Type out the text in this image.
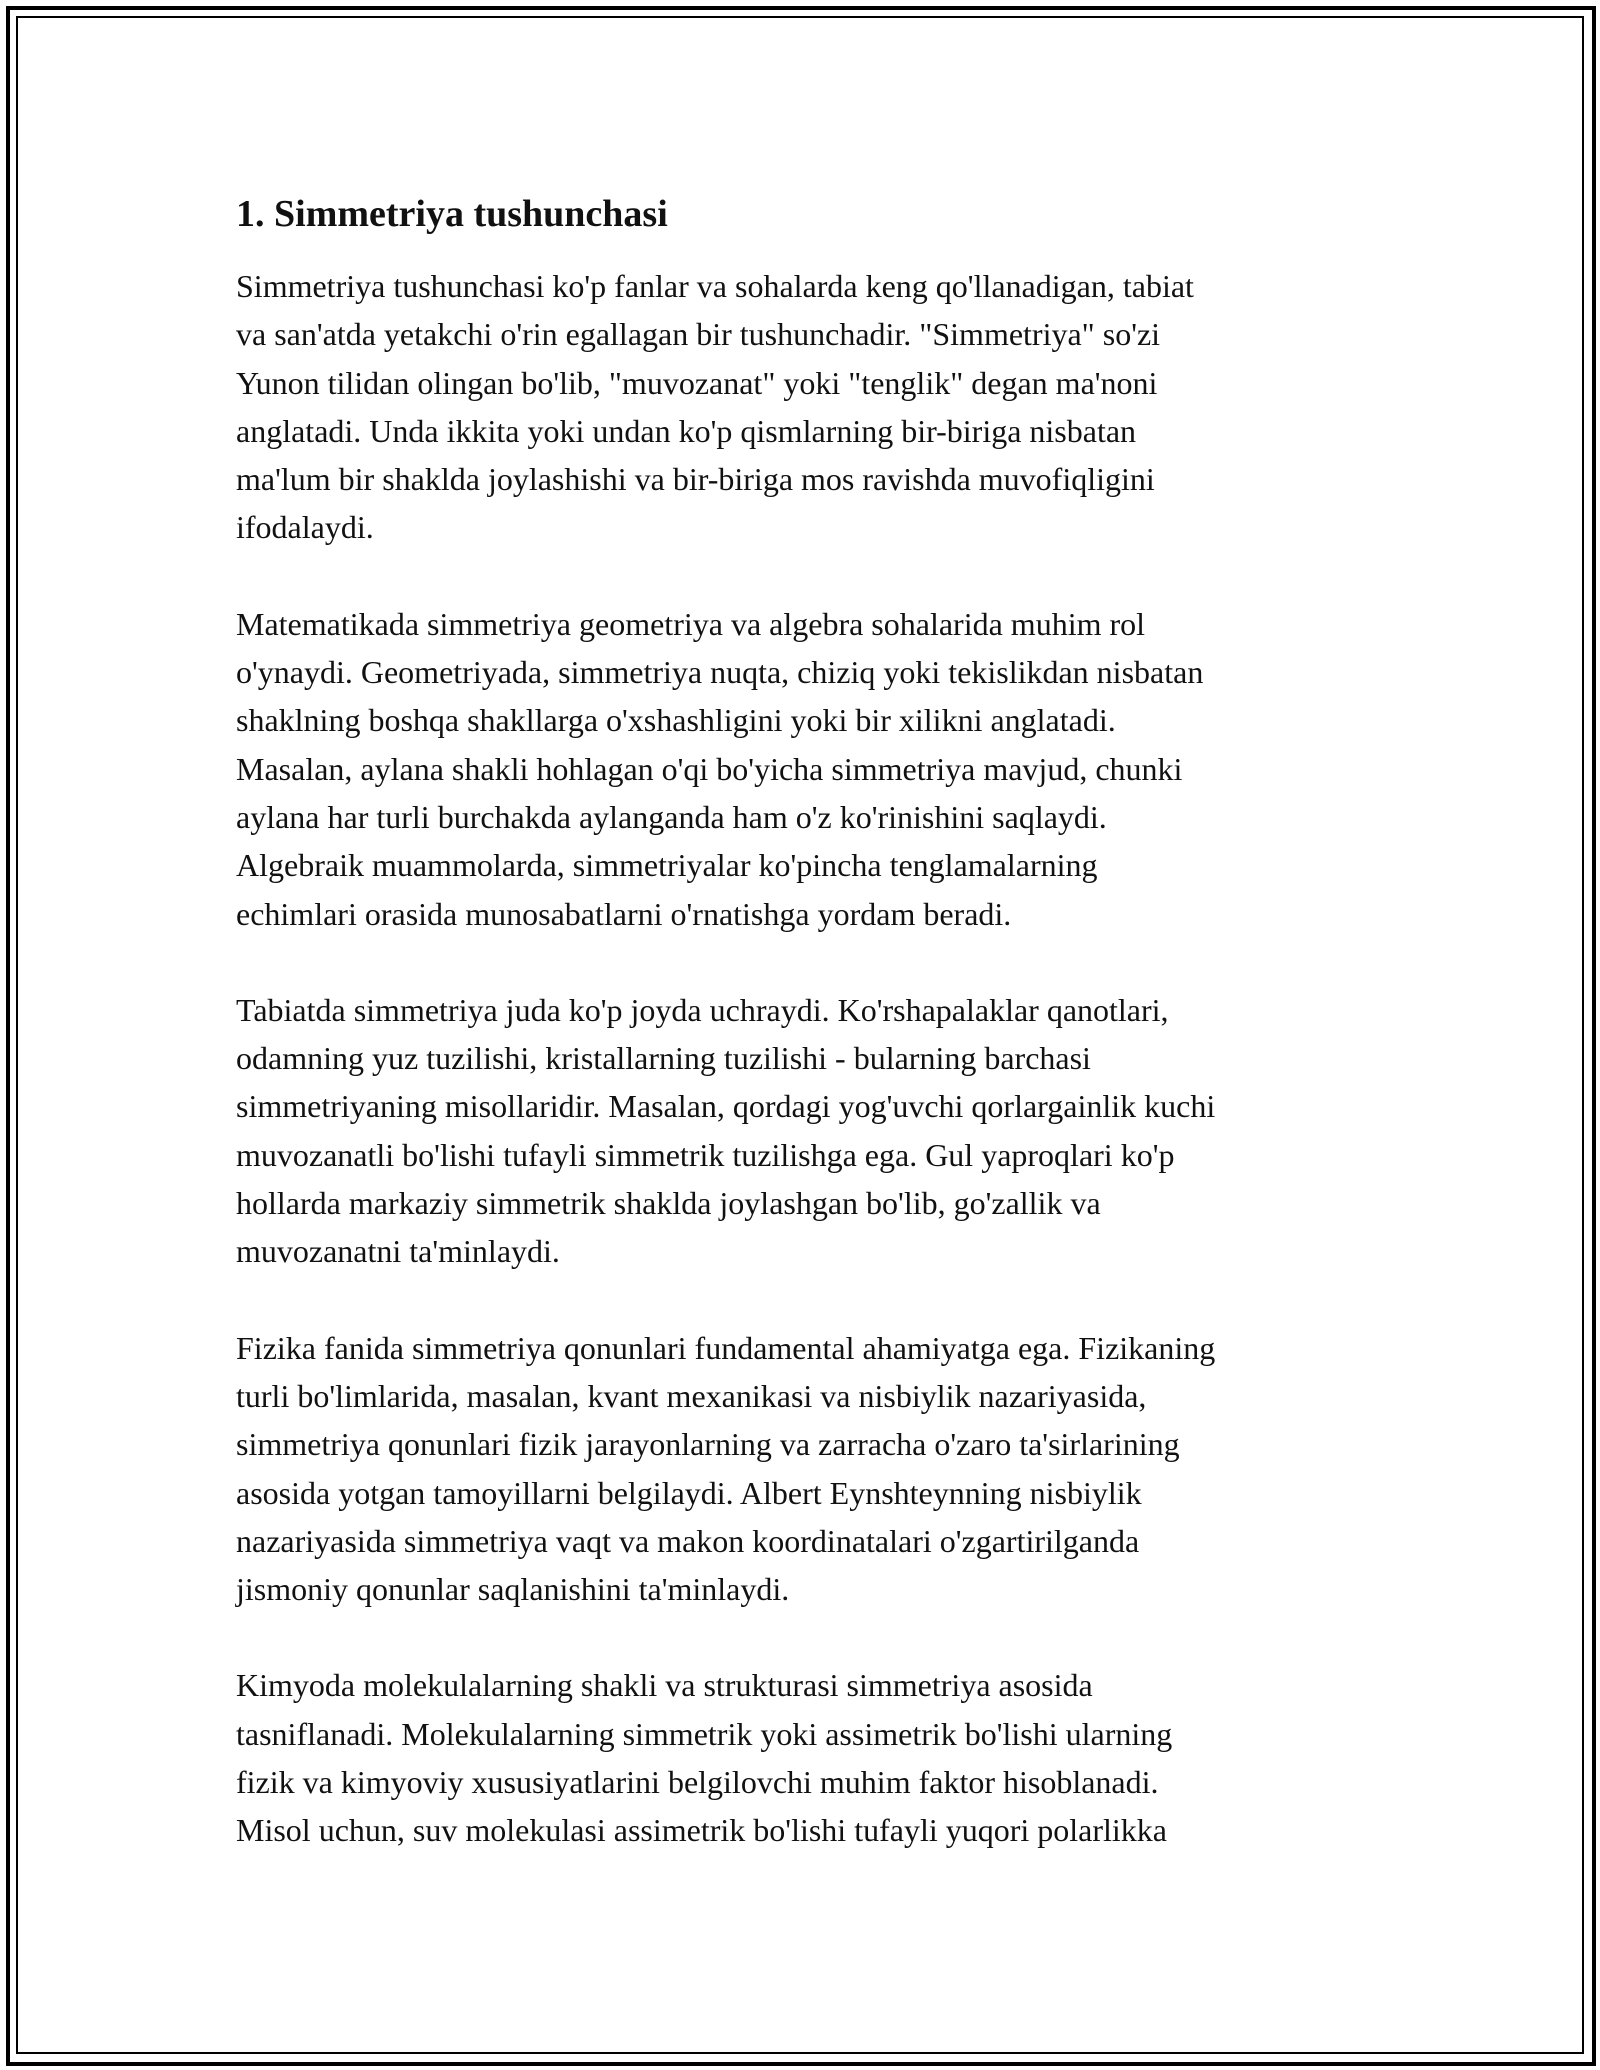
1. Simmetriya tushunchasi

Simmetriya tushunchasi ko'p fanlar va sohalarda keng qo'llanadigan, tabiat
va san'atda yetakchi o'rin egallagan bir tushunchadir. "Simmetriya" so'zi
Yunon tilidan olingan bo'lib, "muvozanat" yoki "tenglik" degan ma'noni
anglatadi. Unda ikkita yoki undan ko'p qismlarning bir-biriga nisbatan
ma'lum bir shaklda joylashishi va bir-biriga mos ravishda muvofiqligini
ifodalaydi.

Matematikada simmetriya geometriya va algebra sohalarida muhim rol
o'ynaydi. Geometriyada, simmetriya nuqta, chiziq yoki tekislikdan nisbatan
shaklning boshqa shakllarga o'xshashligini yoki bir xilikni anglatadi.
Masalan, aylana shakli hohlagan o'qi bo'yicha simmetriya mavjud, chunki
aylana har turli burchakda aylanganda ham o'z ko'rinishini saqlaydi.
Algebraik muammolarda, simmetriyalar ko'pincha tenglamalarning
echimlari orasida munosabatlarni o'rnatishga yordam beradi.

Tabiatda simmetriya juda ko'p joyda uchraydi. Ko'rshapalaklar qanotlari,
odamning yuz tuzilishi, kristallarning tuzilishi - bularning barchasi
simmetriyaning misollaridir. Masalan, qordagi yog'uvchi qorlargainlik kuchi
muvozanatli bo'lishi tufayli simmetrik tuzilishga ega. Gul yaproqlari ko'p
hollarda markaziy simmetrik shaklda joylashgan bo'lib, go'zallik va
muvozanatni ta'minlaydi.

Fizika fanida simmetriya qonunlari fundamental ahamiyatga ega. Fizikaning
turli bo'limlarida, masalan, kvant mexanikasi va nisbiylik nazariyasida,
simmetriya qonunlari fizik jarayonlarning va zarracha o'zaro ta'sirlarining
asosida yotgan tamoyillarni belgilaydi. Albert Eynshteynning nisbiylik
nazariyasida simmetriya vaqt va makon koordinatalari o'zgartirilganda
jismoniy qonunlar saqlanishini ta'minlaydi.

Kimyoda molekulalarning shakli va strukturasi simmetriya asosida
tasniflanadi. Molekulalarning simmetrik yoki assimetrik bo'lishi ularning
fizik va kimyoviy xususiyatlarini belgilovchi muhim faktor hisoblanadi.
Misol uchun, suv molekulasi assimetrik bo'lishi tufayli yuqori polarlikka
